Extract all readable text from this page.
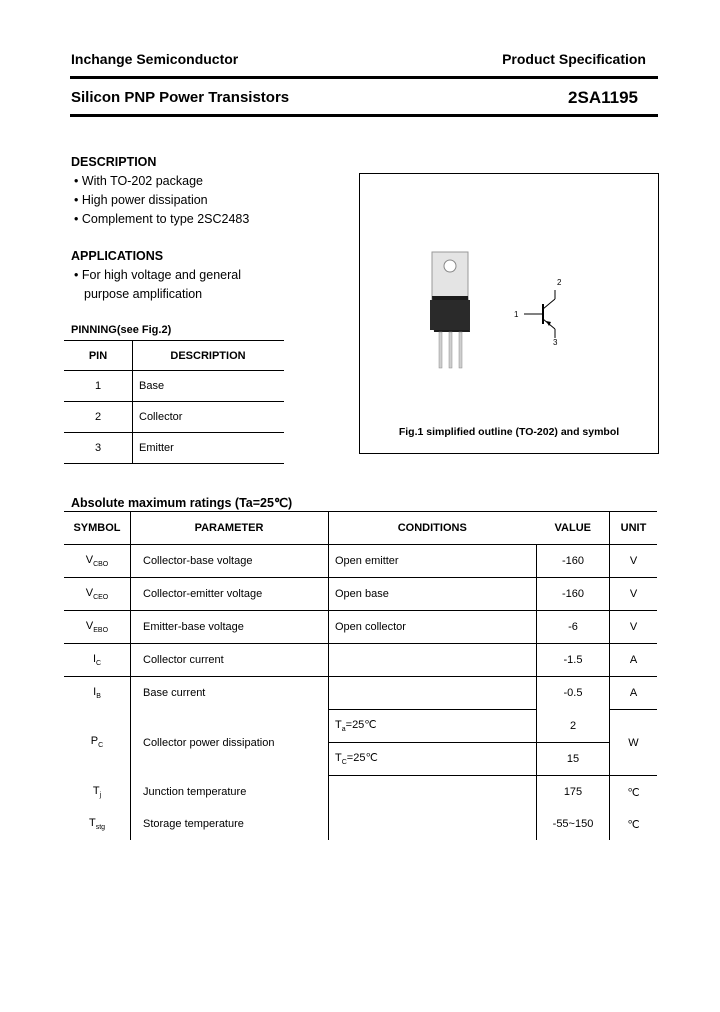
Inchange Semiconductor	Product Specification
Silicon PNP Power Transistors	2SA1195
DESCRIPTION
• With TO-202 package
• High power dissipation
• Complement to type 2SC2483
APPLICATIONS
• For high voltage and general
purpose amplification
PINNING(see Fig.2)
PIN	DESCRIPTION
1	Base
2	Collector
3	Emitter
1
2
3
Fig.1 simplified outline (TO-202) and symbol
Absolute maximum ratings (Ta=25℃)
SYMBOL	PARAMETER	CONDITIONS	VALUE	UNIT
$V_{CBO}$	Collector-base voltage	Open emitter	-160	V
$V_{CEO}$	Collector-emitter voltage	Open base	-160	V
$V_{EBO}$	Emitter-base voltage	Open collector	-6	V
$I_C$	Collector current		-1.5	A
$I_B$	Base current		-0.5	A
$P_C$	Collector power dissipation	$T_a=25℃$	2	W
		$T_C=25℃$	15	
$T_j$	Junction temperature		175	℃
$T_{stg}$	Storage temperature		-55~150	℃
